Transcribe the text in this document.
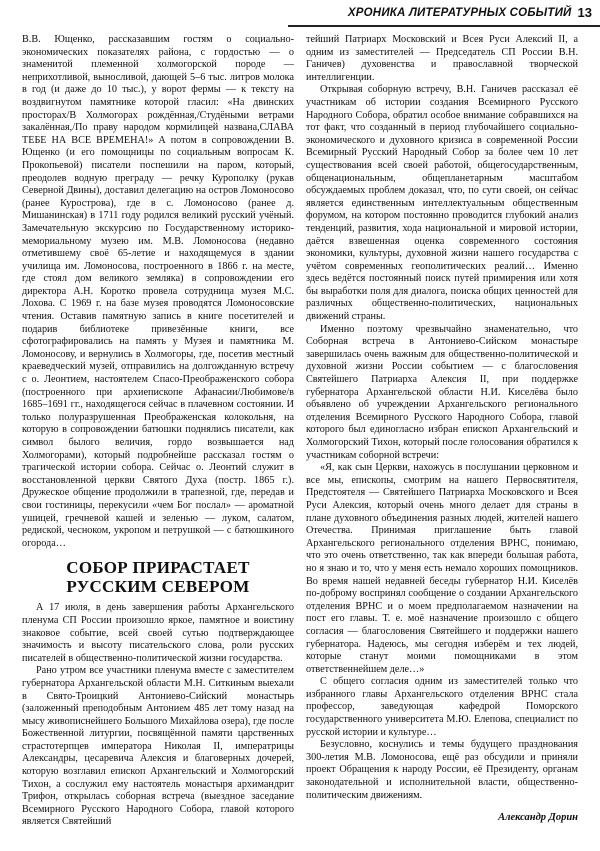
ХРОНИКА ЛИТЕРАТУРНЫХ СОБЫТИЙ 13

В.В. Ющенко, рассказавшим гостям о социально-экономических показателях района, с гордостью — о знаменитой племенной холмогорской породе — неприхотливой, выносливой, дающей 5–6 тыс. литров молока в год (и даже до 10 тыс.), у ворот фермы — к тексту на воздвигнутом памятнике которой гласил: «На двинских просторах/В Холмогорах рождённая,/Студёными ветрами закалённая,/По праву народом корми́лицей названа,СЛАВА ТЕБЕ НА ВСЕ ВРЕМЕНА!» А потом в сопровождении В. Ющенко (и его помощницы по социальным вопросам К. Прокопьевой) писатели поспешили на паром, который, преодолев водную преграду — речку Курополку (рукав Северной Двины), доставил делегацию на остров Ломоносово (ранее Курострова), где в с. Ломоносово (ранее д. Мишанинская) в 1711 году родился великий русский учёный. Замечательную экскурсию по Государственному историко-мемориальному музею им. М.В. Ломоносова (недавно отметившему своё 65-летие и находящемуся в здании училища им. Ломоносова, построенного в 1866 г. на месте, где стоял дом великого земляка) в сопровождении его директора А.Н. Коротко провела сотрудница музея М.С. Лохова. С 1969 г. на базе музея проводятся Ломоносовские чтения. Оставив памятную запись в книге посетителей и подарив библиотеке привезённые книги, все сфотографировались на память у Музея и памятника М. Ломоносову, и вернулись в Холмогоры, где, посетив местный краеведческий музей, отправились на долгожданную встречу с о. Леонтием, настоятелем Спасо-Преображенского собора (построенного при архиепископе Афанасии/Любимове/в 1685–1691 гг., находящегося сейчас в плачевном состоянии. И только полуразрушенная Преображенская колокольня, на которую в сопровождении батюшки поднялись писатели, как символ былого величия, гордо возвышается над Холмогорами), который подробнейше рассказал гостям о трагической истории собора. Сейчас о. Леонтий служит в восстановленной церкви Святого Духа (постр. 1865 г.). Дружеское общение продолжили в трапезной, где, передав и свои гостиницы, перекусили «чем Бог послал» — ароматной ушицей, гречневой кашей и зеленью — луком, салатом, редиской, чесноком, укропом и петрушкой — с батюшкиного огорода…

СОБОР ПРИРАСТАЕТ РУССКИМ СЕВЕРОМ

А 17 июля, в день завершения работы Архангельского пленума СП России произошло яркое, памятное и воистину знаковое событие, всей своей сутью подтверждающее значимость и высоту писательского слова, роли русских писателей в общественно-политической жизни государства.

Рано утром все участники пленума вместе с заместителем губернатора Архангельской области М.Н. Ситкиным выехали в Свято-Троицкий Антониево-Сийский монастырь (заложенный преподобным Антонием 485 лет тому назад на мысу живописнейшего Большого Михайлова озера), где после Божественной литургии, посвящённой памяти царственных страстотерпцев императора Николая II, императрицы Александры, цесаревича Алексия и благоверных дочерей, которую возглавил епископ Архангельский и Холмогорский Тихон, а сослужил ему настоятель монастыря архимандрит Трифон, открылась соборная встреча (выездное заседание Всемирного Русского Народного Собора, главой которого является Святейший

тейший Патриарх Московский и Всея Руси Алексий II, а одним из заместителей — Председатель СП России В.Н. Ганичев) духовенства и православной творческой интеллигенции.

Открывая соборную встречу, В.Н. Ганичев рассказал её участникам об истории создания Всемирного Русского Народного Собора, обратил особое внимание собравшихся на тот факт, что созданный в период глубочайшего социально-экономического и духовного кризиса в современной России Всемирный Русский Народный Собор за более чем 10 лет существования всей своей работой, общегосударственным, общенациональным, общепланетарным масштабом обсуждаемых проблем доказал, что, по сути своей, он сейчас является единственным интеллектуальным общественным форумом, на котором постоянно проводится глубокий анализ тенденций, развития, хода национальной и мировой истории, даётся взвешенная оценка современного состояния экономики, культуры, духовной жизни нашего государства с учётом современных геополитических реалий… Именно здесь ведётся постоянный поиск путей примирения или хотя бы выработки поля для диалога, поиска общих ценностей для различных общественно-политических, национальных движений страны.

Именно поэтому чрезвычайно знаменательно, что Соборная встреча в Антониево-Сийском монастыре завершилась очень важным для общественно-политической и духовной жизни России событием — с благословения Святейшего Патриарха Алексия II, при поддержке губернатора Архангельской области Н.И. Киселёва было объявлено об учреждении Архангельского регионального отделения Всемирного Русского Народного Собора, главой которого был единогласно избран епископ Архангельский и Холмогорский Тихон, который после голосования обратился к участникам соборной встречи:

«Я, как сын Церкви, нахожусь в послушании церковном и все мы, епископы, смотрим на нашего Первосвятителя, Предстоятеля — Святейшего Патриарха Московского и Всея Руси Алексия, который очень много делает для страны в плане духовного объединения разных людей, жителей нашего Отечества. Принимая приглашение быть главой Архангельского регионального отделения ВРНС, понимаю, что это очень ответственно, так как впереди большая работа, но я знаю и то, что у меня есть немало хороших помощников. Во время нашей недавней беседы губернатор Н.И. Киселёв по-доброму воспринял сообщение о создании Архангельского отделения ВРНС и о моем предполагаемом назначении на пост его главы. Т. е. моё назначение произошло с общего согласия — благословения Святейшего и поддержки нашего губернатора. Надеюсь, мы сегодня изберём и тех людей, которые станут моими помощниками в этом ответственнейшем деле…»

С общего согласия одним из заместителей только что избранного главы Архангельского отделения ВРНС стала профессор, заведующая кафедрой Поморского государственного университета М.Ю. Елепова, специалист по русской истории и культуре…

Безусловно, коснулись и темы будущего празднования 300-летия М.В. Ломоносова, ещё раз обсудили и приняли проект Обращения к народу России, её Президенту, органам законодательной и исполнительной власти, общественно-политическим движениям.

Александр Дорин
